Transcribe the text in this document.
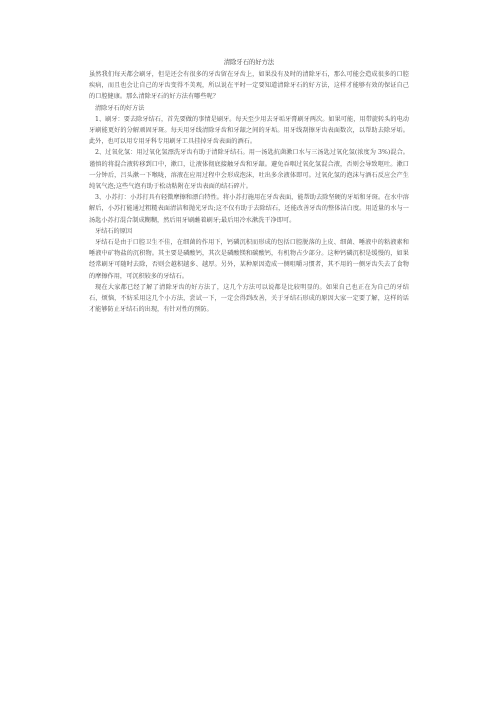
清除牙石的好方法

虽然我们每天都会刷牙，但是还会有很多的牙齿留在牙齿上，如果没有及时的清除牙石，那么可能会造成很多的口腔疾病，而且也会让自己的牙齿变得不美观，所以说在平时一定要知道清除牙石的好方法，这样才能够有效的保证自己的口腔健康。那么清除牙石的好方法有哪些呢？

清除牙石的好方法

1、刷牙：要去除牙结石，首先要做的事情是刷牙。每天至少用去牙垢牙膏刷牙两次。如果可能，用带旋转头的电动牙刷能更好的分解顽固牙斑。每天用牙线清除牙齿和牙龈之间的牙垢。用牙线刮擦牙齿表面数次，以帮助去除牙垢。此外，也可以用专用牙科专用刷牙工具挂掉牙齿表面的酒石。

2、过氧化氢：用过氧化氢漂洗牙齿有助于清除牙结石。用一汤匙抗菌漱口水与三汤匙过氧化氢(浓度为 3%)混合。谨慎的将混合液转移到口中，漱口，让液体彻底接触牙齿和牙龈。避免吞咽过氧化氢混合液，否则会导致呕吐。漱口一分钟后，吕头漱一下喉咙，溶液在应用过程中会形成泡沫，吐出多余液体即可。过氧化氢的泡沫与酒石反应会产生纯氧气泡;这些气泡有助于松动粘附在牙齿表面的结石碎片。

3、小苏打：小苏打具有轻微摩擦和漂白特性。将小苏打施用在牙齿表面，能帮助去除坚硬的牙垢和牙斑。在水中溶解后，小苏打能通过粗糙表面清洁和抛光牙齿;这不仅有助于去除结石，还能改善牙齿的整体洁白度。用适量的水与一汤匙小苏打混合制成糊糊，然后用牙刷蘸着刷牙;最后用冷水漱洗干净即可。

牙结石的原因

牙结石是由于口腔卫生不佳，在细菌的作用下，钙磷沉积而形成的包括口腔脱落的上皮、细菌、唾液中的粘液素和唾液中矿物盐的沉积物。其主要是磷酸钙，其次是磷酸镁和碳酸钙，有机物占少部分。这种钙磷沉积是缓慢的，如果经常刷牙可随时去除，否则会越积越多、越厚。另外，某种原因造成一侧咀嚼习惯者，其不用的一侧牙齿失去了食物的摩擦作用，可沉积较多的牙结石。

现在大家都已经了解了清除牙齿的好方法了，这几个方法可以说都是比较明显的。如果自己也正在为自己的牙结石，烦恼，不妨采用这几个小方法，尝试一下，一定会得到改善，关于牙结石形成的原因大家一定要了解，这样的话才能够防止牙结石的出现，有针对性的预防。
